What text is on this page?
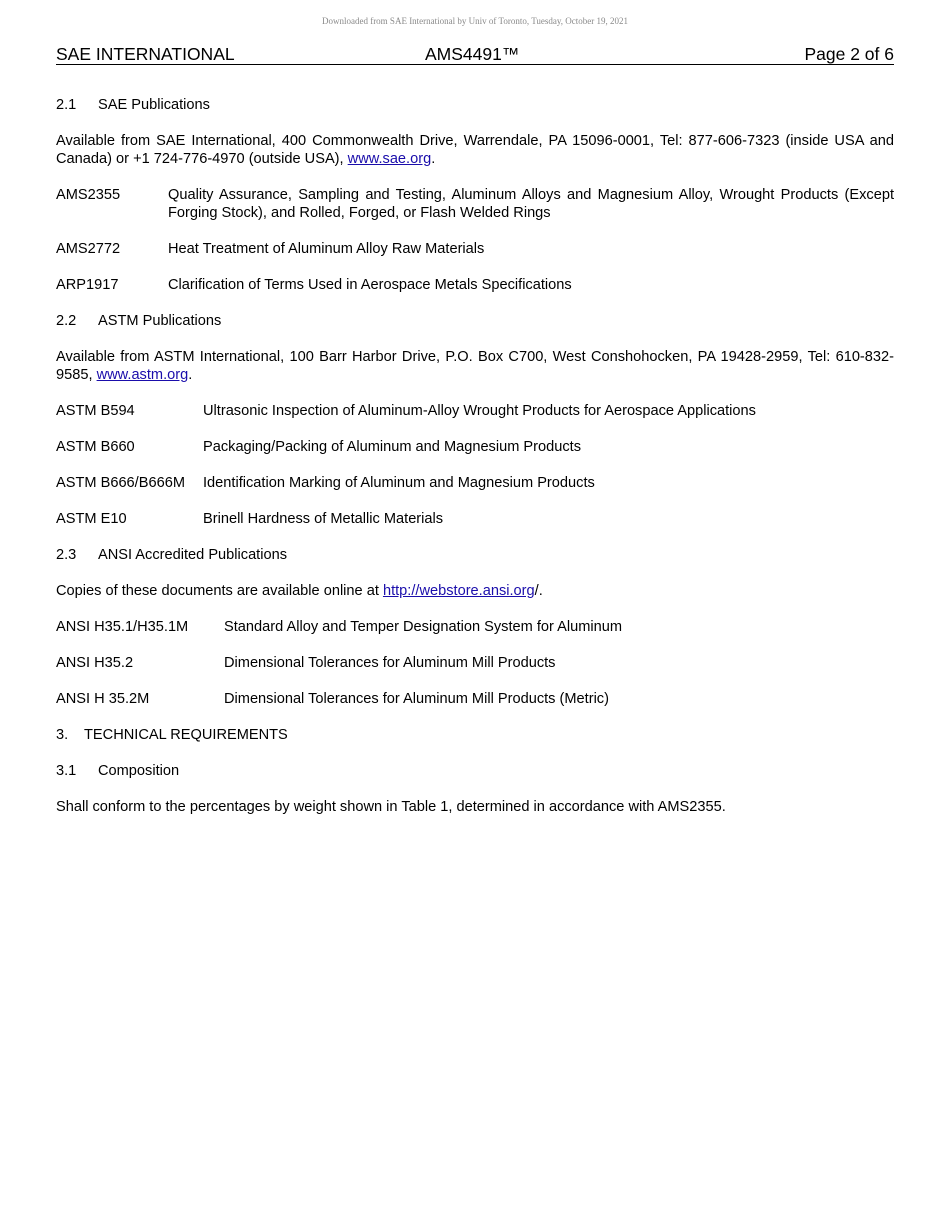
Downloaded from SAE International by Univ of Toronto, Tuesday, October 19, 2021
SAE INTERNATIONAL	AMS4491™	Page 2 of 6
2.1 SAE Publications
Available from SAE International, 400 Commonwealth Drive, Warrendale, PA 15096-0001, Tel: 877-606-7323 (inside USA and Canada) or +1 724-776-4970 (outside USA), www.sae.org.
AMS2355	Quality Assurance, Sampling and Testing, Aluminum Alloys and Magnesium Alloy, Wrought Products (Except Forging Stock), and Rolled, Forged, or Flash Welded Rings
AMS2772	Heat Treatment of Aluminum Alloy Raw Materials
ARP1917	Clarification of Terms Used in Aerospace Metals Specifications
2.2 ASTM Publications
Available from ASTM International, 100 Barr Harbor Drive, P.O. Box C700, West Conshohocken, PA 19428-2959, Tel: 610-832-9585, www.astm.org.
ASTM B594	Ultrasonic Inspection of Aluminum-Alloy Wrought Products for Aerospace Applications
ASTM B660	Packaging/Packing of Aluminum and Magnesium Products
ASTM B666/B666M	Identification Marking of Aluminum and Magnesium Products
ASTM E10	Brinell Hardness of Metallic Materials
2.3 ANSI Accredited Publications
Copies of these documents are available online at http://webstore.ansi.org/.
ANSI H35.1/H35.1M	Standard Alloy and Temper Designation System for Aluminum
ANSI H35.2	Dimensional Tolerances for Aluminum Mill Products
ANSI H 35.2M	Dimensional Tolerances for Aluminum Mill Products (Metric)
3. TECHNICAL REQUIREMENTS
3.1 Composition
Shall conform to the percentages by weight shown in Table 1, determined in accordance with AMS2355.
